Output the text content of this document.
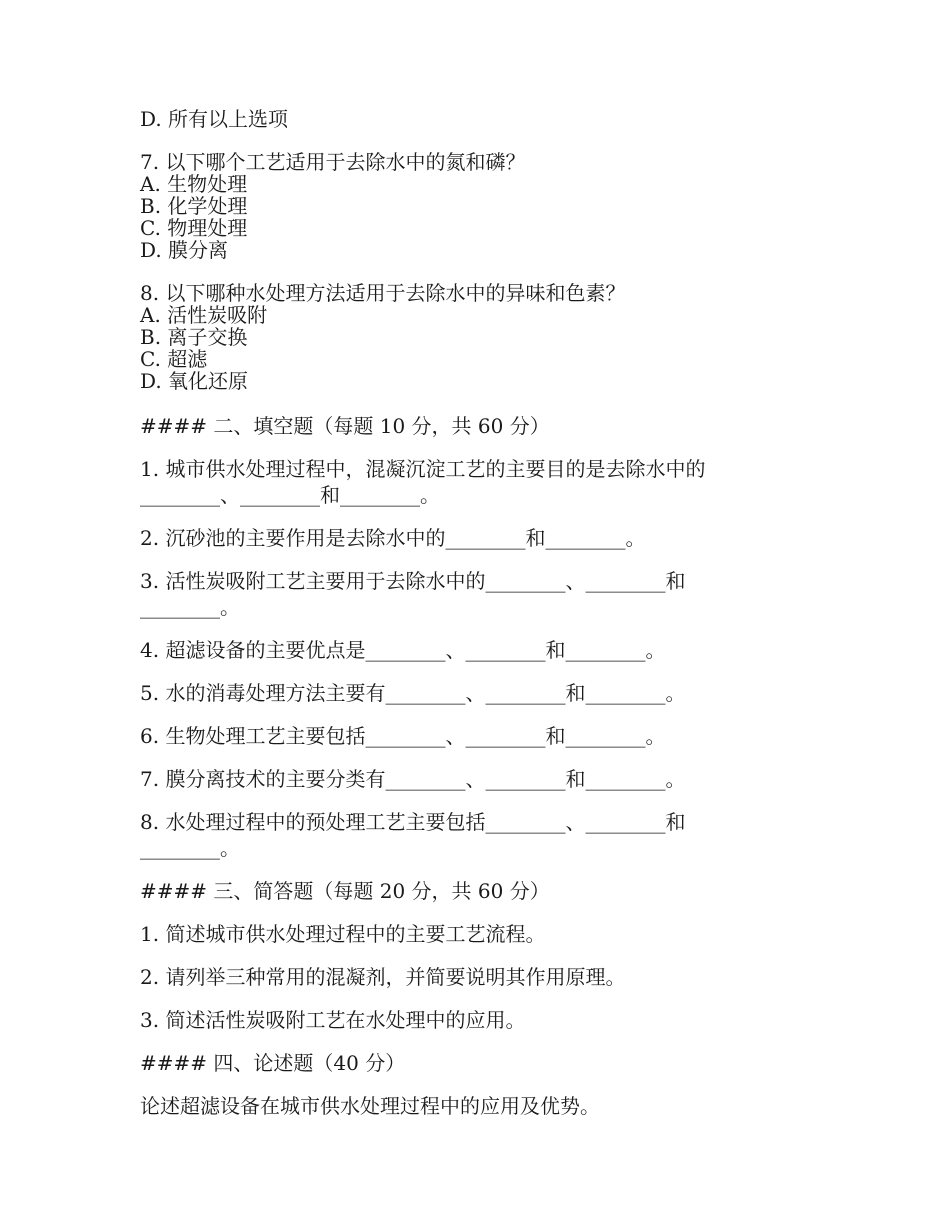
D. 所有以上选项
7. 以下哪个工艺适用于去除水中的氮和磷？
A. 生物处理
B. 化学处理
C. 物理处理
D. 膜分离
8. 以下哪种水处理方法适用于去除水中的异味和色素？
A. 活性炭吸附
B. 离子交换
C. 超滤
D. 氧化还原
#### 二、填空题（每题 10 分，共 60 分）
1. 城市供水处理过程中，混凝沉淀工艺的主要目的是去除水中的
________、________和________。
2. 沉砂池的主要作用是去除水中的________和________。
3. 活性炭吸附工艺主要用于去除水中的________、________和
________。
4. 超滤设备的主要优点是________、________和________。
5. 水的消毒处理方法主要有________、________和________。
6. 生物处理工艺主要包括________、________和________。
7. 膜分离技术的主要分类有________、________和________。
8. 水处理过程中的预处理工艺主要包括________、________和
________。
#### 三、简答题（每题 20 分，共 60 分）
1. 简述城市供水处理过程中的主要工艺流程。
2. 请列举三种常用的混凝剂，并简要说明其作用原理。
3. 简述活性炭吸附工艺在水处理中的应用。
#### 四、论述题（40 分）
论述超滤设备在城市供水处理过程中的应用及优势。
